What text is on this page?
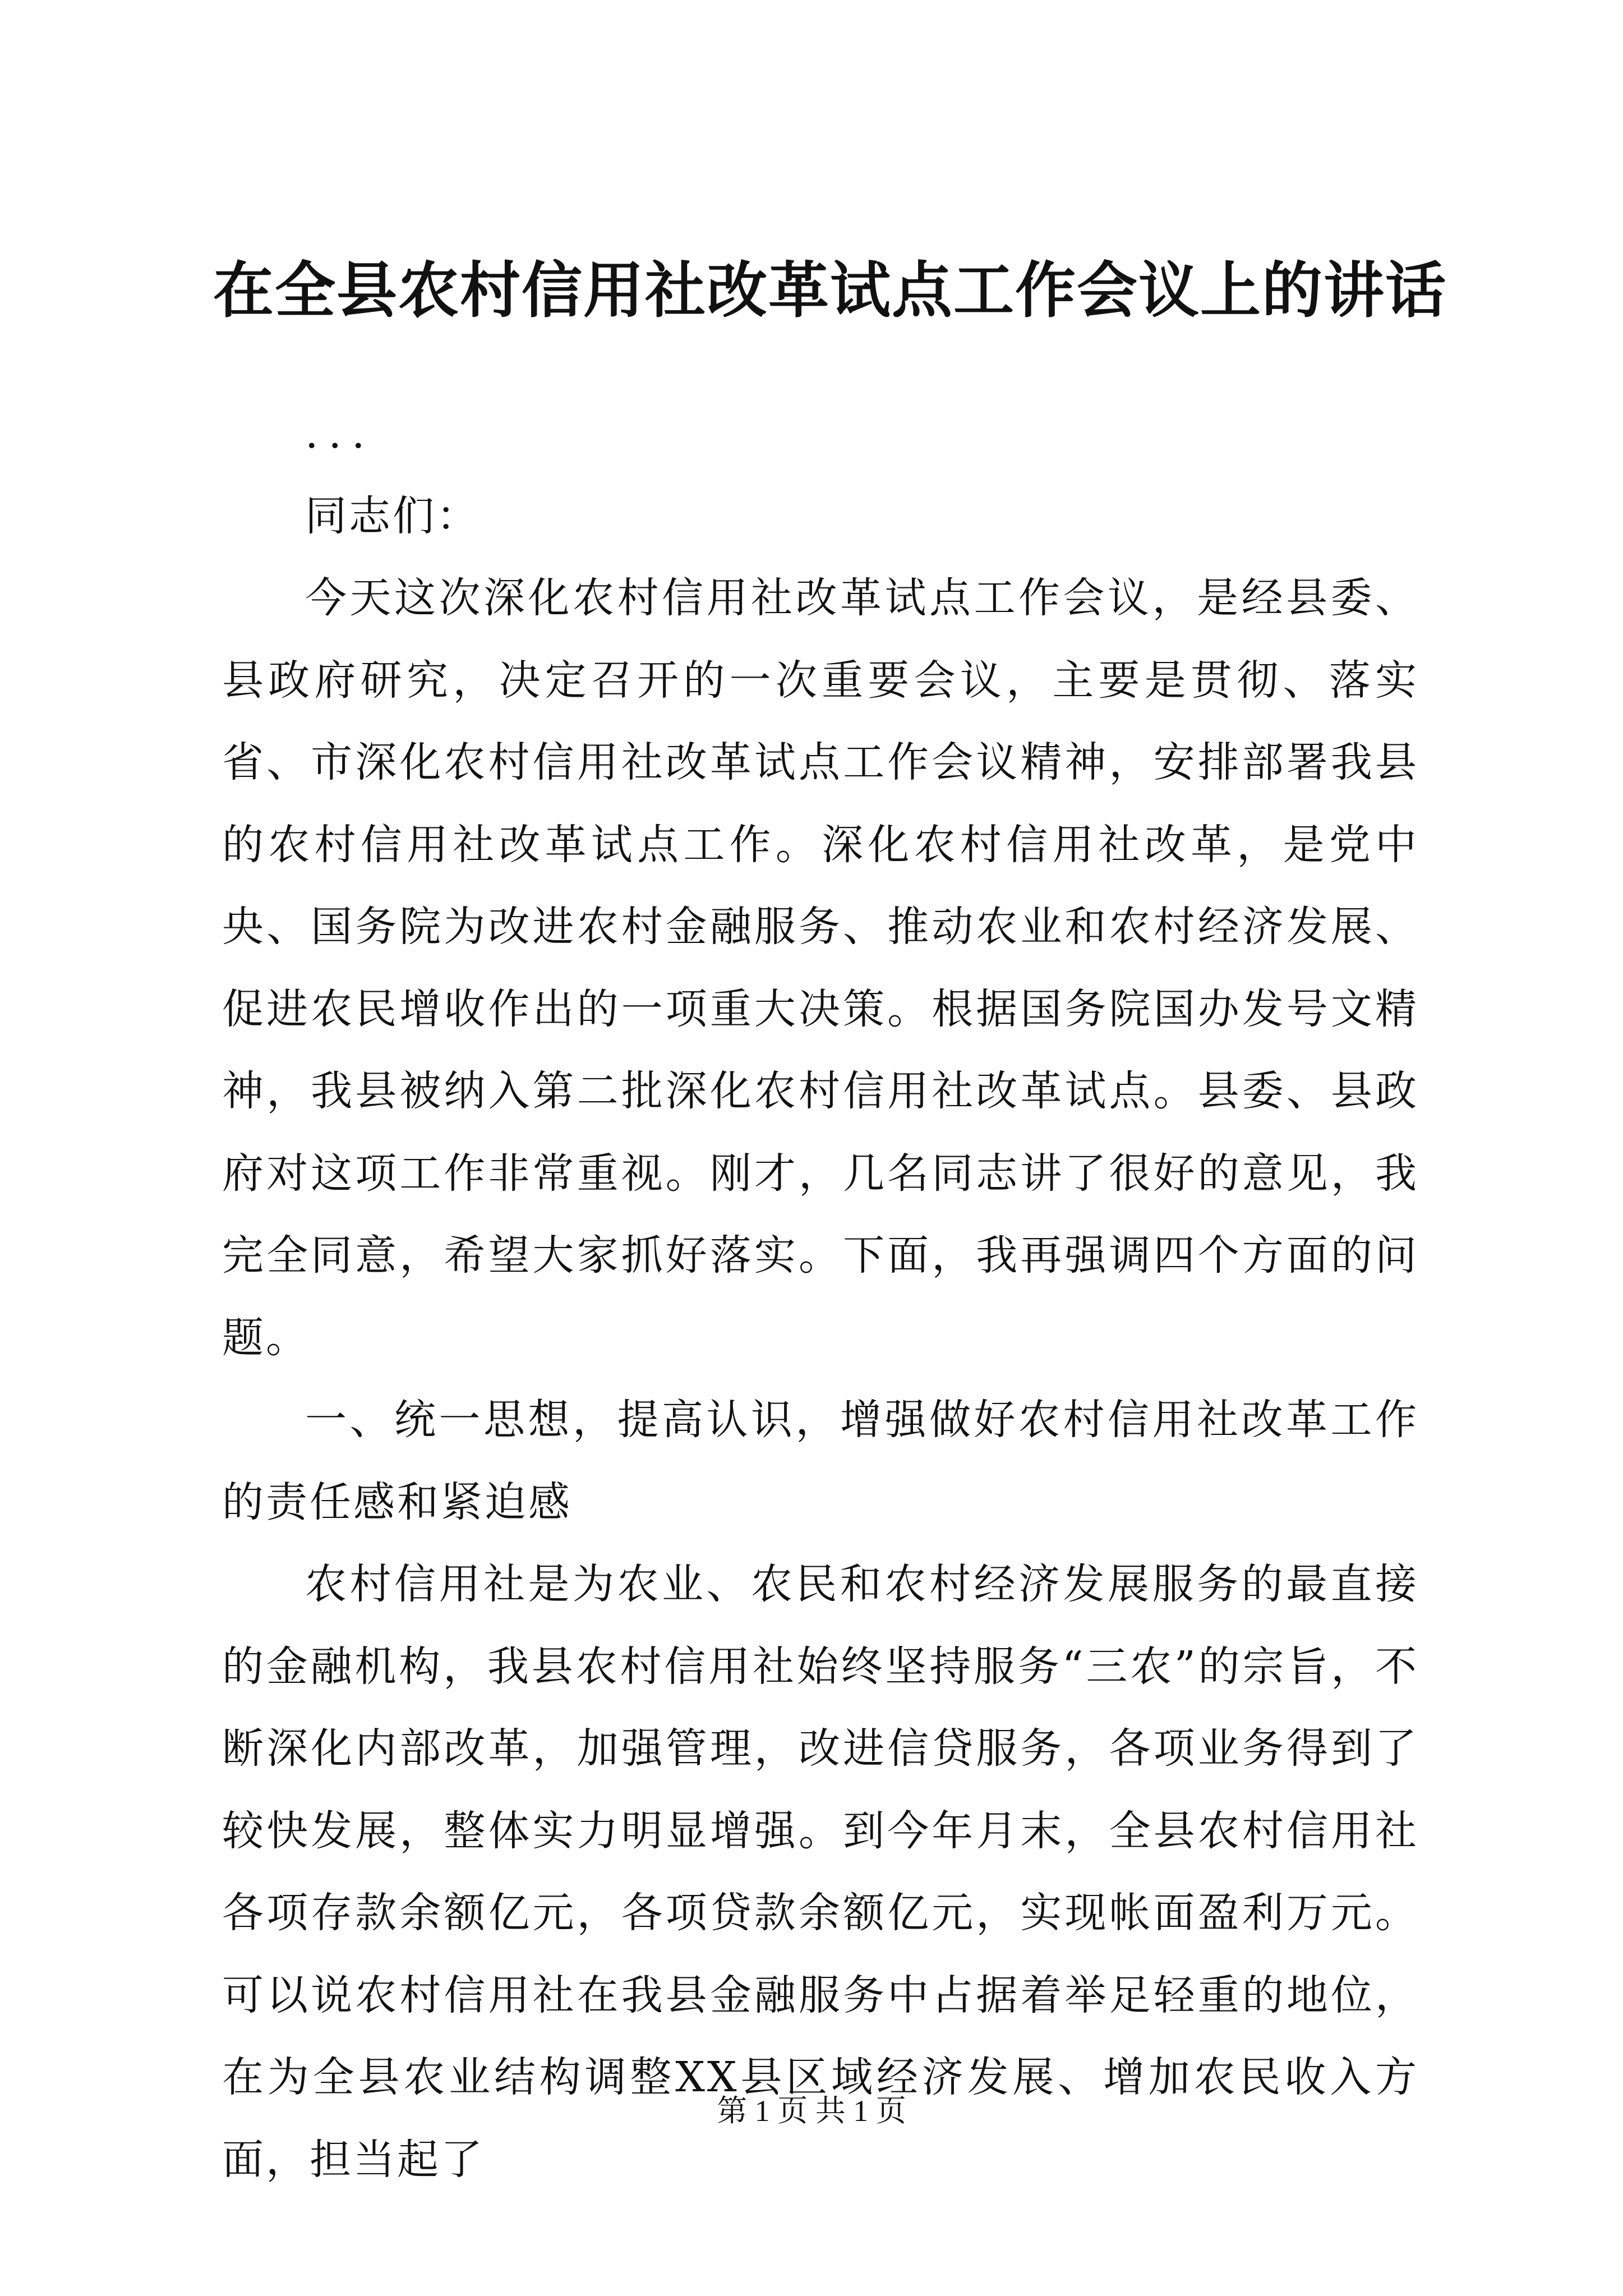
在全县农村信用社改革试点工作会议上的讲话

...

同志们：

今天这次深化农村信用社改革试点工作会议，是经县委、县政府研究，决定召开的一次重要会议，主要是贯彻、落实省、市深化农村信用社改革试点工作会议精神，安排部署我县的农村信用社改革试点工作。深化农村信用社改革，是党中央、国务院为改进农村金融服务、推动农业和农村经济发展、促进农民增收作出的一项重大决策。根据国务院国办发号文精神，我县被纳入第二批深化农村信用社改革试点。县委、县政府对这项工作非常重视。刚才，几名同志讲了很好的意见，我完全同意，希望大家抓好落实。下面，我再强调四个方面的问题。

一、统一思想，提高认识，增强做好农村信用社改革工作的责任感和紧迫感

农村信用社是为农业、农民和农村经济发展服务的最直接的金融机构，我县农村信用社始终坚持服务“三农”的宗旨，不断深化内部改革，加强管理，改进信贷服务，各项业务得到了较快发展，整体实力明显增强。到今年月末，全县农村信用社各项存款余额亿元，各项贷款余额亿元，实现帐面盈利万元。可以说农村信用社在我县金融服务中占据着举足轻重的地位，在为全县农业结构调整XX县区域经济发展、增加农民收入方面，担当起了

第 1 页 共 1 页
